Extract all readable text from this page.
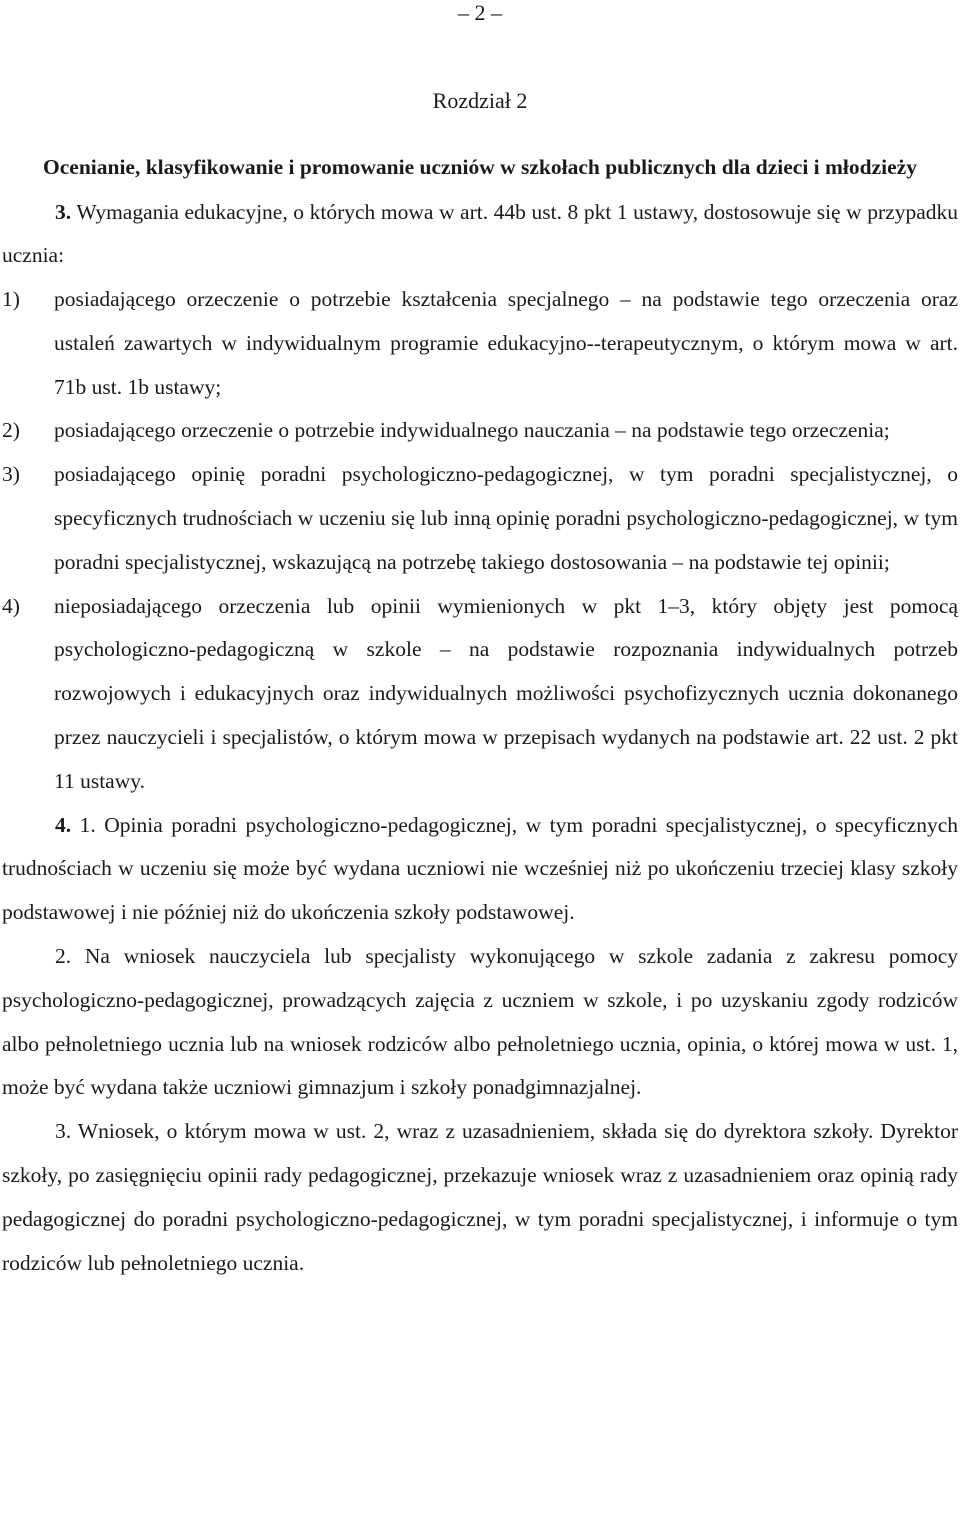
– 2 –
Rozdział 2
Ocenianie, klasyfikowanie i promowanie uczniów w szkołach publicznych dla dzieci i młodzieży

3. Wymagania edukacyjne, o których mowa w art. 44b ust. 8 pkt 1 ustawy, dostosowuje się w przypadku ucznia:

1) posiadającego orzeczenie o potrzebie kształcenia specjalnego – na podstawie tego orzeczenia oraz ustaleń zawartych w indywidualnym programie edukacyjno--terapeutycznym, o którym mowa w art. 71b ust. 1b ustawy;
2) posiadającego orzeczenie o potrzebie indywidualnego nauczania – na podstawie tego orzeczenia;
3) posiadającego opinię poradni psychologiczno-pedagogicznej, w tym poradni specjalistycznej, o specyficznych trudnościach w uczeniu się lub inną opinię poradni psychologiczno-pedagogicznej, w tym poradni specjalistycznej, wskazującą na potrzebę takiego dostosowania – na podstawie tej opinii;
4) nieposiadającego orzeczenia lub opinii wymienionych w pkt 1–3, który objęty jest pomocą psychologiczno-pedagogiczną w szkole – na podstawie rozpoznania indywidualnych potrzeb rozwojowych i edukacyjnych oraz indywidualnych możliwości psychofizycznych ucznia dokonanego przez nauczycieli i specjalistów, o którym mowa w przepisach wydanych na podstawie art. 22 ust. 2 pkt 11 ustawy.

4. 1. Opinia poradni psychologiczno-pedagogicznej, w tym poradni specjalistycznej, o specyficznych trudnościach w uczeniu się może być wydana uczniowi nie wcześniej niż po ukończeniu trzeciej klasy szkoły podstawowej i nie później niż do ukończenia szkoły podstawowej.

2. Na wniosek nauczyciela lub specjalisty wykonującego w szkole zadania z zakresu pomocy psychologiczno-pedagogicznej, prowadzących zajęcia z uczniem w szkole, i po uzyskaniu zgody rodziców albo pełnoletniego ucznia lub na wniosek rodziców albo pełnoletniego ucznia, opinia, o której mowa w ust. 1, może być wydana także uczniowi gimnazjum i szkoły ponadgimnazjalnej.

3. Wniosek, o którym mowa w ust. 2, wraz z uzasadnieniem, składa się do dyrektora szkoły. Dyrektor szkoły, po zasięgnięciu opinii rady pedagogicznej, przekazuje wniosek wraz z uzasadnieniem oraz opinią rady pedagogicznej do poradni psychologiczno-pedagogicznej, w tym poradni specjalistycznej, i informuje o tym rodziców lub pełnoletniego ucznia.
